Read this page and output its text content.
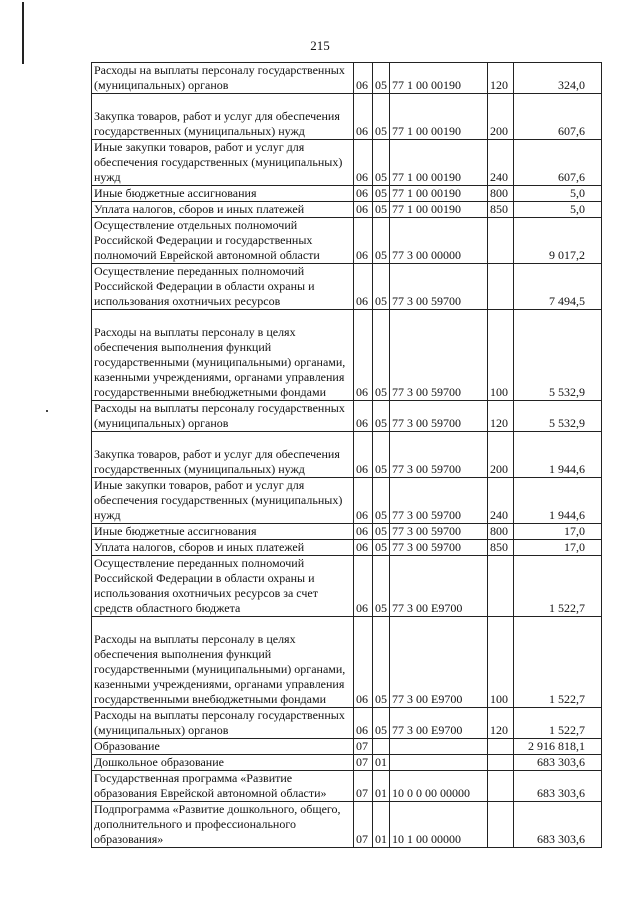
215
Расходы на выплаты персоналу государственных (муниципальных) органов	06	05	77 1 00 00190	120	324,0
Закупка товаров, работ и услуг для обеспечения государственных (муниципальных) нужд	06	05	77 1 00 00190	200	607,6
Иные закупки товаров, работ и услуг для обеспечения государственных (муниципальных) нужд	06	05	77 1 00 00190	240	607,6
Иные бюджетные ассигнования	06	05	77 1 00 00190	800	5,0
Уплата налогов, сборов и иных платежей	06	05	77 1 00 00190	850	5,0
Осуществление отдельных полномочий Российской Федерации и государственных полномочий Еврейской автономной области	06	05	77 3 00 00000		9 017,2
Осуществление переданных полномочий Российской Федерации в области охраны и использования охотничьих ресурсов	06	05	77 3 00 59700		7 494,5
Расходы на выплаты персоналу в целях обеспечения выполнения функций государственными (муниципальными) органами, казенными учреждениями, органами управления государственными внебюджетными фондами	06	05	77 3 00 59700	100	5 532,9
Расходы на выплаты персоналу государственных (муниципальных) органов	06	05	77 3 00 59700	120	5 532,9
Закупка товаров, работ и услуг для обеспечения государственных (муниципальных) нужд	06	05	77 3 00 59700	200	1 944,6
Иные закупки товаров, работ и услуг для обеспечения государственных (муниципальных) нужд	06	05	77 3 00 59700	240	1 944,6
Иные бюджетные ассигнования	06	05	77 3 00 59700	800	17,0
Уплата налогов, сборов и иных платежей	06	05	77 3 00 59700	850	17,0
Осуществление переданных полномочий Российской Федерации в области охраны и использования охотничьих ресурсов за счет средств областного бюджета	06	05	77 3 00 Е9700		1 522,7
Расходы на выплаты персоналу в целях обеспечения выполнения функций государственными (муниципальными) органами, казенными учреждениями, органами управления государственными внебюджетными фондами	06	05	77 3 00 Е9700	100	1 522,7
Расходы на выплаты персоналу государственных (муниципальных) органов	06	05	77 3 00 Е9700	120	1 522,7
Образование	07				2 916 818,1
Дошкольное образование	07	01			683 303,6
Государственная программа «Развитие образования Еврейской автономной области»	07	01	10 0 0 00 00000		683 303,6
Подпрограмма «Развитие дошкольного, общего, дополнительного и профессионального образования»	07	01	10 1 00 00000		683 303,6
